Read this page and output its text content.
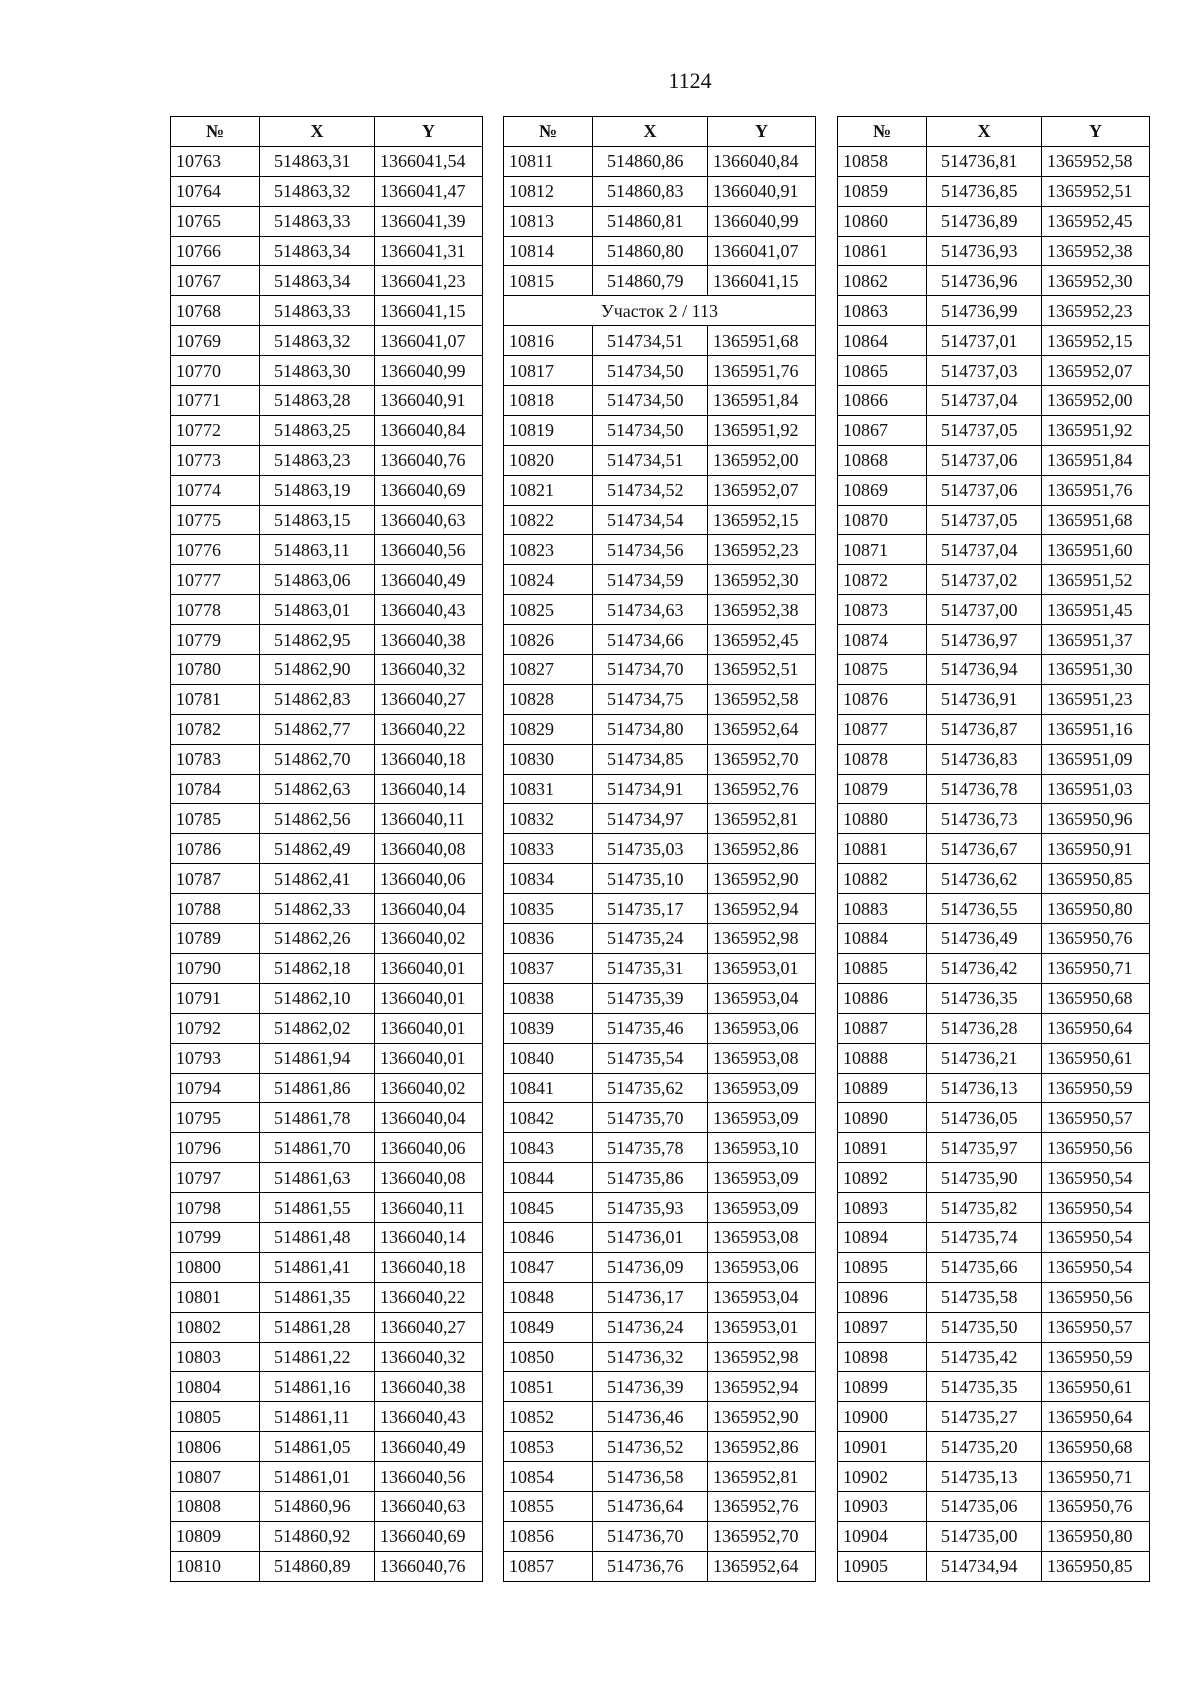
1124
№	X	Y
10763	514863,31	1366041,54
10764	514863,32	1366041,47
10765	514863,33	1366041,39
10766	514863,34	1366041,31
10767	514863,34	1366041,23
10768	514863,33	1366041,15
10769	514863,32	1366041,07
10770	514863,30	1366040,99
10771	514863,28	1366040,91
10772	514863,25	1366040,84
10773	514863,23	1366040,76
10774	514863,19	1366040,69
10775	514863,15	1366040,63
10776	514863,11	1366040,56
10777	514863,06	1366040,49
10778	514863,01	1366040,43
10779	514862,95	1366040,38
10780	514862,90	1366040,32
10781	514862,83	1366040,27
10782	514862,77	1366040,22
10783	514862,70	1366040,18
10784	514862,63	1366040,14
10785	514862,56	1366040,11
10786	514862,49	1366040,08
10787	514862,41	1366040,06
10788	514862,33	1366040,04
10789	514862,26	1366040,02
10790	514862,18	1366040,01
10791	514862,10	1366040,01
10792	514862,02	1366040,01
10793	514861,94	1366040,01
10794	514861,86	1366040,02
10795	514861,78	1366040,04
10796	514861,70	1366040,06
10797	514861,63	1366040,08
10798	514861,55	1366040,11
10799	514861,48	1366040,14
10800	514861,41	1366040,18
10801	514861,35	1366040,22
10802	514861,28	1366040,27
10803	514861,22	1366040,32
10804	514861,16	1366040,38
10805	514861,11	1366040,43
10806	514861,05	1366040,49
10807	514861,01	1366040,56
10808	514860,96	1366040,63
10809	514860,92	1366040,69
10810	514860,89	1366040,76
№	X	Y
10811	514860,86	1366040,84
10812	514860,83	1366040,91
10813	514860,81	1366040,99
10814	514860,80	1366041,07
10815	514860,79	1366041,15
Участок 2 / 113		
10816	514734,51	1365951,68
10817	514734,50	1365951,76
10818	514734,50	1365951,84
10819	514734,50	1365951,92
10820	514734,51	1365952,00
10821	514734,52	1365952,07
10822	514734,54	1365952,15
10823	514734,56	1365952,23
10824	514734,59	1365952,30
10825	514734,63	1365952,38
10826	514734,66	1365952,45
10827	514734,70	1365952,51
10828	514734,75	1365952,58
10829	514734,80	1365952,64
10830	514734,85	1365952,70
10831	514734,91	1365952,76
10832	514734,97	1365952,81
10833	514735,03	1365952,86
10834	514735,10	1365952,90
10835	514735,17	1365952,94
10836	514735,24	1365952,98
10837	514735,31	1365953,01
10838	514735,39	1365953,04
10839	514735,46	1365953,06
10840	514735,54	1365953,08
10841	514735,62	1365953,09
10842	514735,70	1365953,09
10843	514735,78	1365953,10
10844	514735,86	1365953,09
10845	514735,93	1365953,09
10846	514736,01	1365953,08
10847	514736,09	1365953,06
10848	514736,17	1365953,04
10849	514736,24	1365953,01
10850	514736,32	1365952,98
10851	514736,39	1365952,94
10852	514736,46	1365952,90
10853	514736,52	1365952,86
10854	514736,58	1365952,81
10855	514736,64	1365952,76
10856	514736,70	1365952,70
10857	514736,76	1365952,64
№	X	Y
10858	514736,81	1365952,58
10859	514736,85	1365952,51
10860	514736,89	1365952,45
10861	514736,93	1365952,38
10862	514736,96	1365952,30
10863	514736,99	1365952,23
10864	514737,01	1365952,15
10865	514737,03	1365952,07
10866	514737,04	1365952,00
10867	514737,05	1365951,92
10868	514737,06	1365951,84
10869	514737,06	1365951,76
10870	514737,05	1365951,68
10871	514737,04	1365951,60
10872	514737,02	1365951,52
10873	514737,00	1365951,45
10874	514736,97	1365951,37
10875	514736,94	1365951,30
10876	514736,91	1365951,23
10877	514736,87	1365951,16
10878	514736,83	1365951,09
10879	514736,78	1365951,03
10880	514736,73	1365950,96
10881	514736,67	1365950,91
10882	514736,62	1365950,85
10883	514736,55	1365950,80
10884	514736,49	1365950,76
10885	514736,42	1365950,71
10886	514736,35	1365950,68
10887	514736,28	1365950,64
10888	514736,21	1365950,61
10889	514736,13	1365950,59
10890	514736,05	1365950,57
10891	514735,97	1365950,56
10892	514735,90	1365950,54
10893	514735,82	1365950,54
10894	514735,74	1365950,54
10895	514735,66	1365950,54
10896	514735,58	1365950,56
10897	514735,50	1365950,57
10898	514735,42	1365950,59
10899	514735,35	1365950,61
10900	514735,27	1365950,64
10901	514735,20	1365950,68
10902	514735,13	1365950,71
10903	514735,06	1365950,76
10904	514735,00	1365950,80
10905	514734,94	1365950,85
